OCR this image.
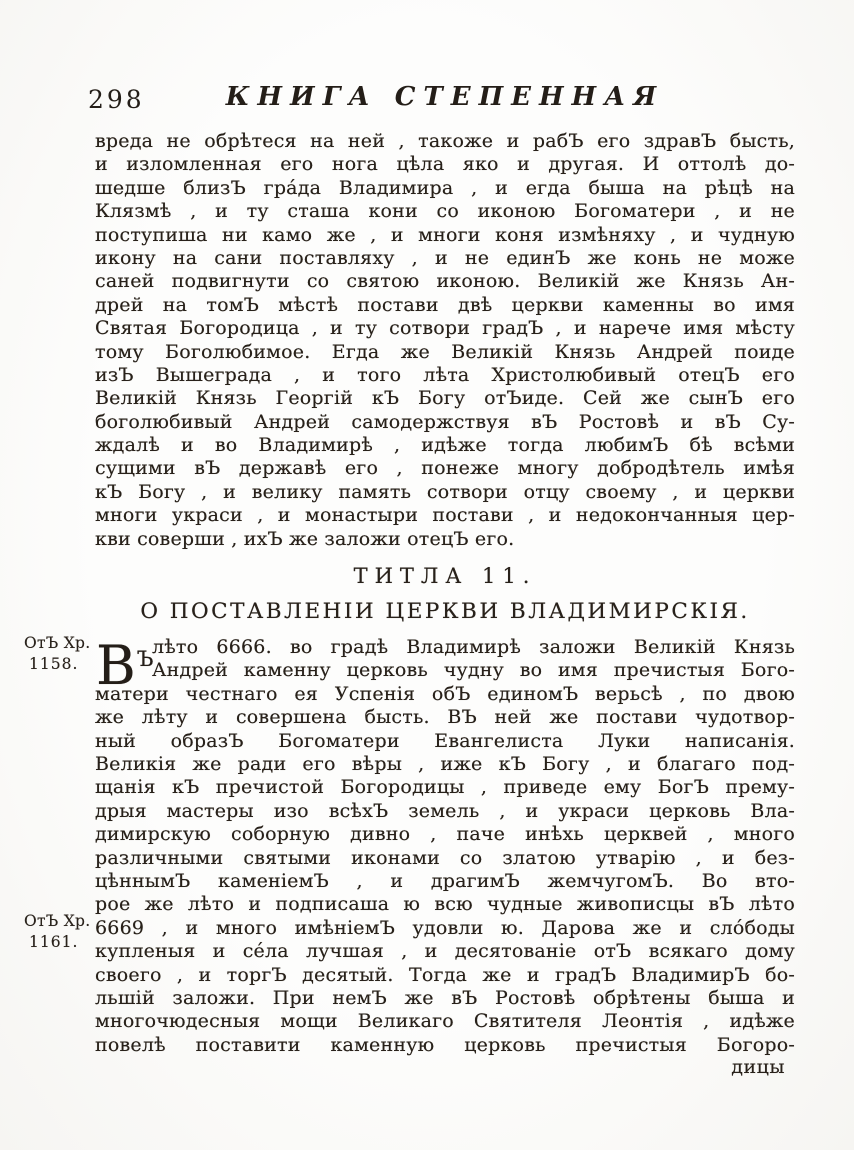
298	КНИГА СТЕПЕННАЯ
ОтЪ Хр.
1158.
ОтЪ Хр.
1161.
вреда не обрѣтеся на ней , такоже и рабЪ его здравЪ бысть,
и изломленная его нога цѣла яко и другая. И оттолѣ до-
шедше близЪ гра́да Владимира , и егда быша на рѣцѣ на
Клязмѣ , и ту сташа кони со иконою Богоматери , и не
поступиша ни камо же , и многи коня измѣняху , и чудную
икону на сани поставляху , и не единЪ же конь не може
саней подвигнути со святою иконою. Великій же Князь Ан-
дрей на томЪ мѣстѣ постави двѣ церкви каменны во имя
Святая Богородица , и ту сотвори градЪ , и нарече имя мѣсту
тому Боголюбимое. Егда же Великій Князь Андрей поиде
изЪ Вышеграда , и того лѣта Христолюбивый отецЪ его
Великій Князь Георгій кЪ Богу отЪиде. Сей же сынЪ его
боголюбивый Андрей самодержствуя вЪ Ростовѣ и вЪ Су-
ждалѣ и во Владимирѣ , идѣже тогда любимЪ бѣ всѣми
сущими вЪ державѣ его , понеже многу добродѣтель имѣя
кЪ Богу , и велику память сотвори отцу своему , и церкви
многи украси , и монастыри постави , и недокончанныя цер-
кви соверши , ихЪ же заложи отецЪ его.
ТИТЛА 11.
О ПОСТАВЛЕНІИ ЦЕРКВИ ВЛАДИМИРСКІЯ.
$В^Ъ$
лѣто 6666. во градѣ Владимирѣ заложи Великій Князь
Андрей каменну церковь чудну во имя пречистыя Бого-
матери честнаго ея Успенія обЪ единомЪ верьсѣ , по двою
же лѣту и совершена бысть. ВЪ ней же постави чудотвор-
ный образЪ Богоматери Евангелиста Луки написанія.
Великія же ради его вѣры , иже кЪ Богу , и благаго под-
щанія кЪ пречистой Богородицы , приведе ему БогЪ прему-
дрыя мастеры изо всѣхЪ земель , и украси церковь Вла-
димирскую соборную дивно , паче инѣхь церквей , много
различными святыми иконами со златою утварію , и без-
цѣннымЪ каменіемЪ , и драгимЪ жемчугомЪ. Во вто-
рое же лѣто и подписаша ю всю чудные живописцы вЪ лѣто
6669 , и много имѣніемЪ удовли ю. Дарова же и сло́боды
купленыя и се́ла лучшая , и десятованіе отЪ всякаго дому
своего , и торгЪ десятый. Тогда же и градЪ ВладимирЪ бо-
льшій заложи. При немЪ же вЪ Ростовѣ обрѣтены быша и
многочюдесныя мощи Великаго Святителя Леонтія , идѣже
повелѣ поставити каменную церковь пречистыя Богоро-
дицы
